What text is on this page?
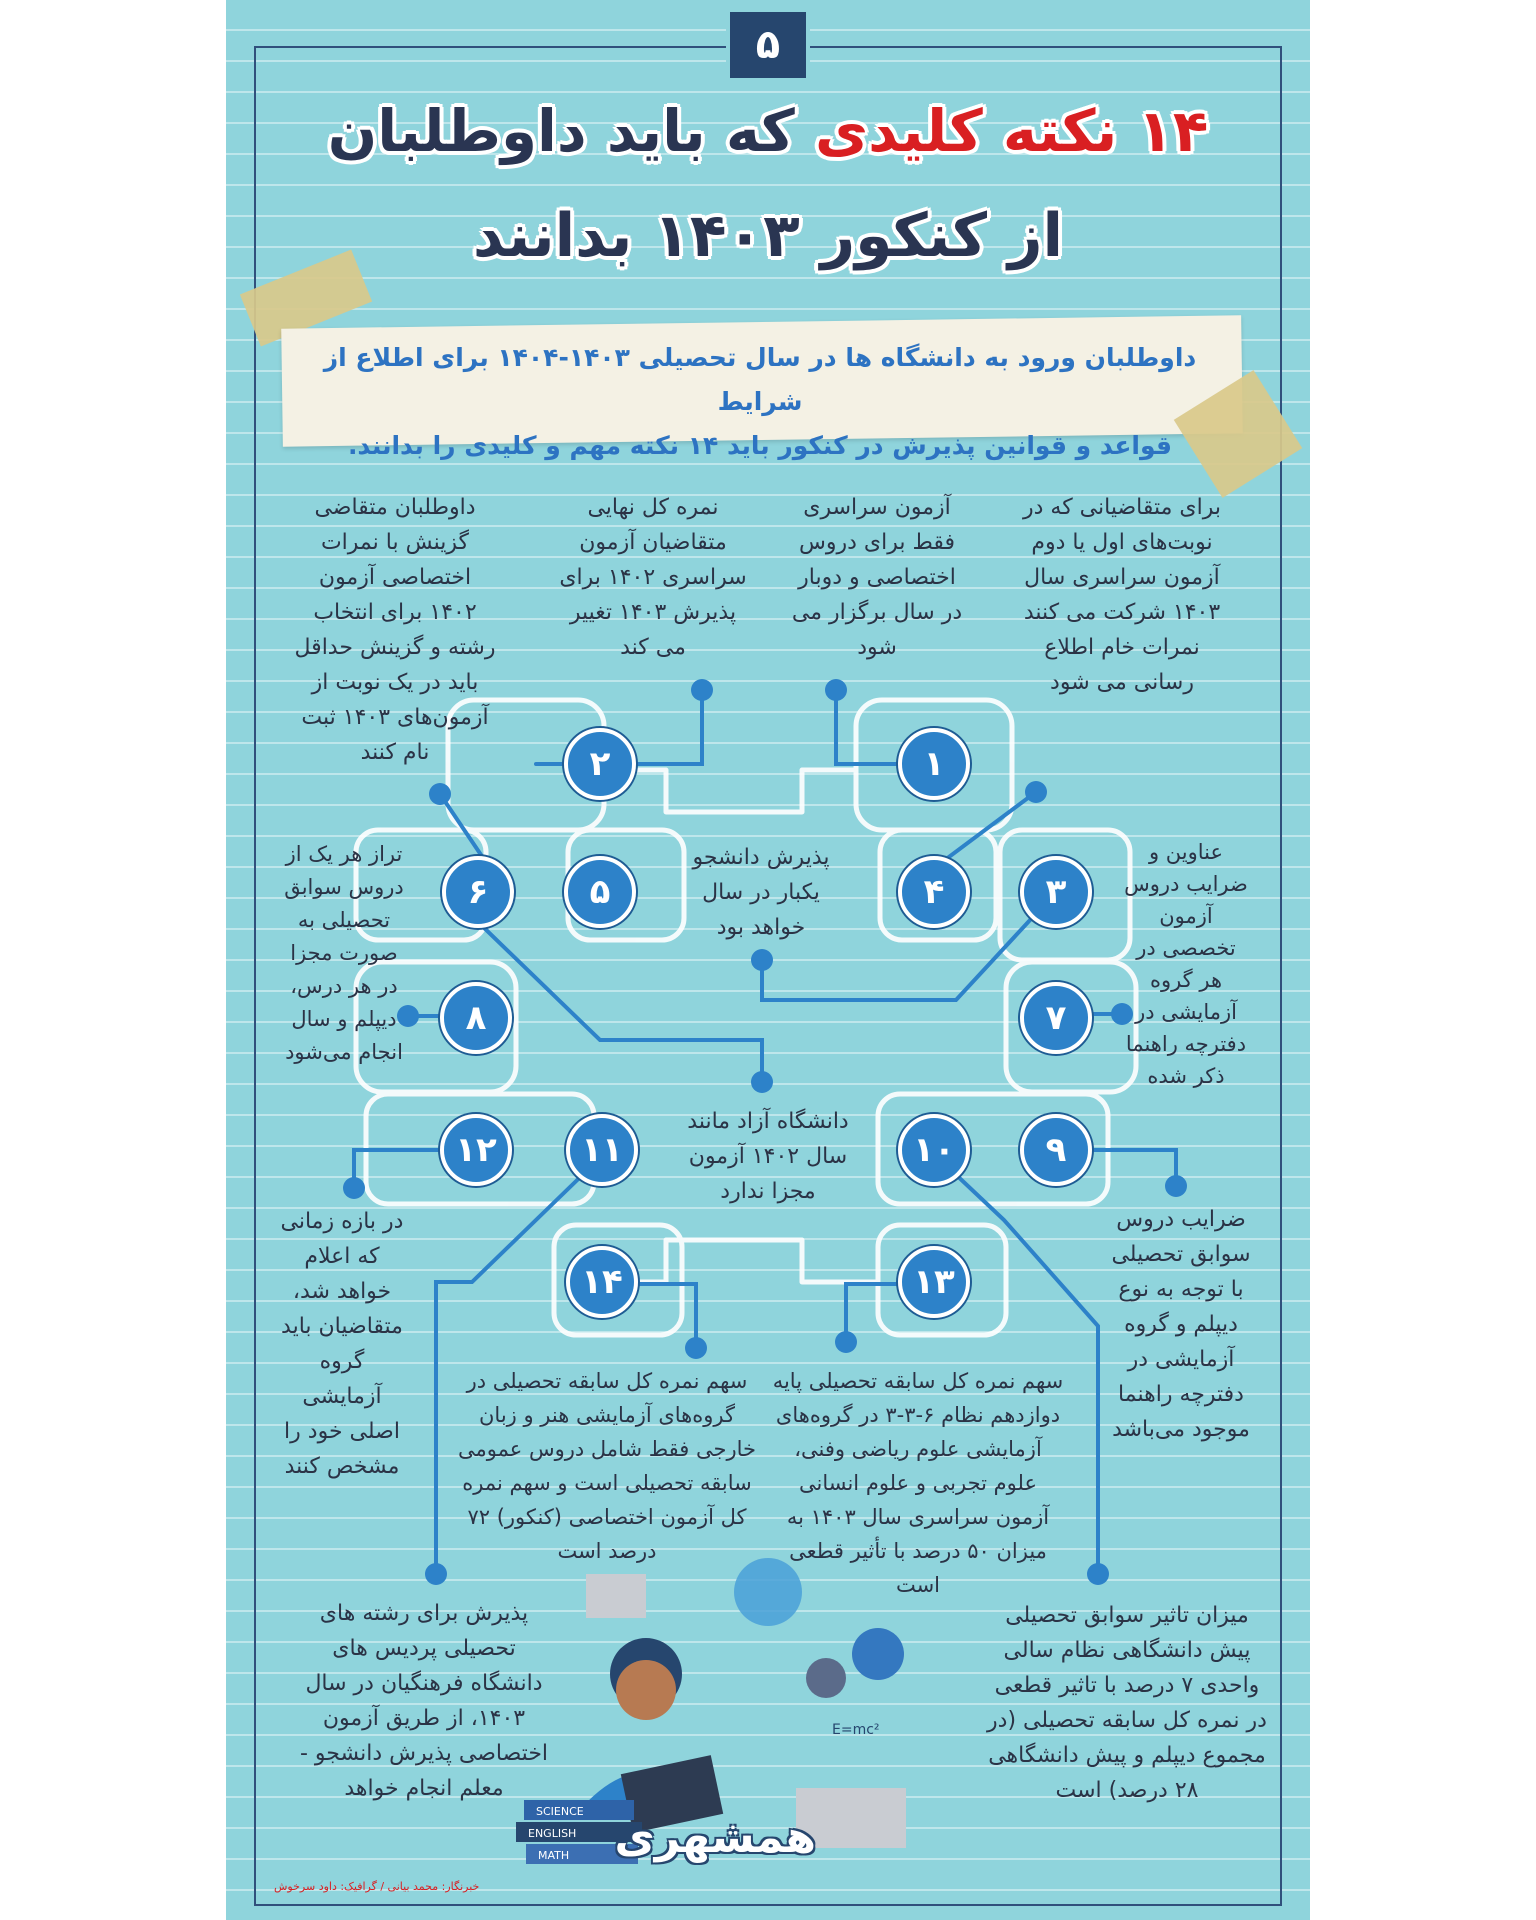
۵
۱۴ نکته کلیدی که باید داوطلبان
از کنکور ۱۴۰۳ بدانند
داوطلبان ورود به دانشگاه ها در سال تحصیلی ۱۴۰۳-۱۴۰۴ برای اطلاع از شرایط
قواعد و قوانین پذیرش در کنکور باید ۱۴ نکته مهم و کلیدی را بدانند.
۱
۲
۳
۴
۵
۶
۷
۸
۹
۱۰
۱۱
۱۲
۱۳
۱۴
آزمون سراسری فقط برای دروس اختصاصی و دوبار در سال برگزار می شود
نمره کل نهایی متقاضیان آزمون سراسری ۱۴۰۲ برای پذیرش ۱۴۰۳ تغییر می کند
عناوین و ضرایب دروس آزمون تخصصی در هر گروه آزمایشی در دفترچه راهنما ذکر شده
برای متقاضیانی که در نوبت‌های اول یا دوم آزمون سراسری سال ۱۴۰۳ شرکت می کنند نمرات خام اطلاع رسانی می شود
داوطلبان متقاضی گزینش با نمرات اختصاصی آزمون ۱۴۰۲ برای انتخاب رشته و گزینش حداقل باید در یک نوبت از آزمون‌های ۱۴۰۳ ثبت نام کنند
پذیرش دانشجو یکبار در سال خواهد بود
تراز هر یک از دروس سوابق تحصیلی به صورت مجزا در هر درس، دیپلم و سال انجام می‌شود
دانشگاه آزاد مانند سال ۱۴۰۲ آزمون مجزا ندارد
ضرایب دروس سوابق تحصیلی با توجه به نوع دیپلم و گروه آزمایشی در دفترچه راهنما موجود می‌باشد
میزان تاثیر سوابق تحصیلی پیش دانشگاهی نظام سالی واحدی ۷ درصد با تاثیر قطعی در نمره کل سابقه تحصیلی (در مجموع دیپلم و پیش دانشگاهی ۲۸ درصد) است
پذیرش برای رشته های تحصیلی پردیس های دانشگاه فرهنگیان در سال ۱۴۰۳، از طریق آزمون اختصاصی پذیرش دانشجو - معلم انجام خواهد
در بازه زمانی که اعلام خواهد شد، متقاضیان باید گروه آزمایشی اصلی خود را مشخص کنند
سهم نمره کل سابقه تحصیلی پایه دوازدهم نظام ۶-۳-۳ در گروه‌های آزمایشی علوم ریاضی وفنی، علوم تجربی و علوم انسانی آزمون سراسری سال ۱۴۰۳ به میزان ۵۰ درصد با تأثیر قطعی است
سهم نمره کل سابقه تحصیلی در گروه‌های آزمایشی هنر و زبان خارجی فقط شامل دروس عمومی سابقه تحصیلی است و سهم نمره کل آزمون اختصاصی (کنکور) ۷۲ درصد است
E=mc²
SCIENCE
ENGLISH
MATH همشهری
خبرنگار: محمد بیانی / گرافیک: داود سرخوش
